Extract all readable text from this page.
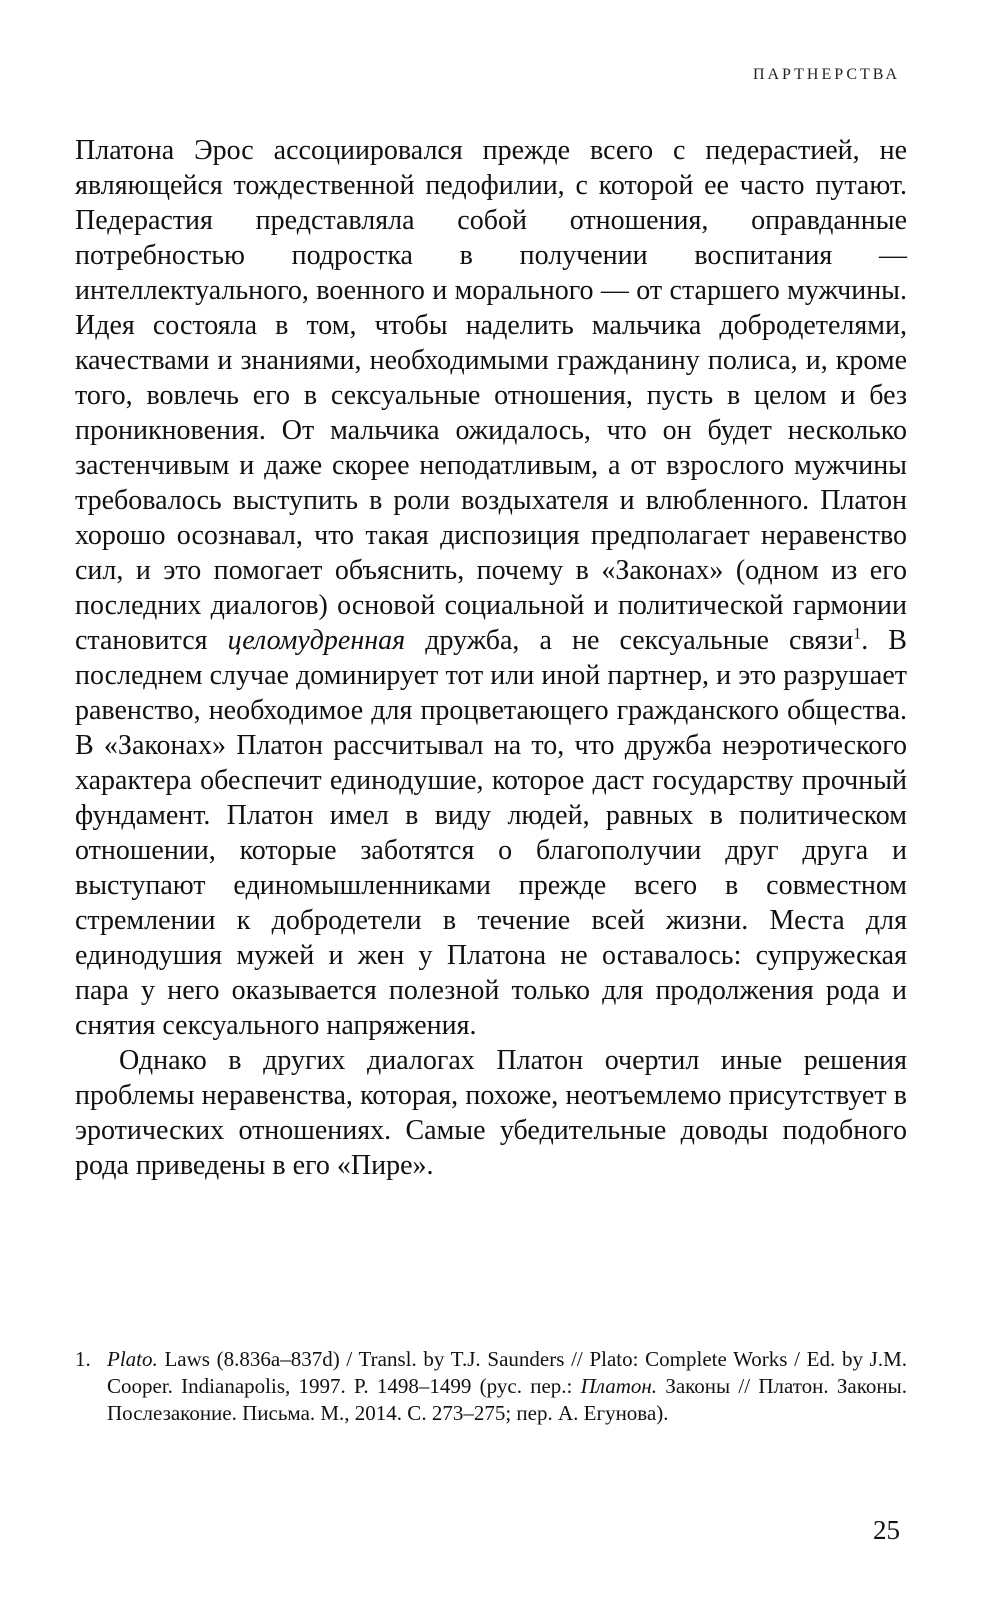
ПАРТНЕРСТВА

Платона Эрос ассоциировался прежде всего с педерастией, не являющейся тождественной педофилии, с которой ее часто путают. Педерастия представляла собой отношения, оправданные потребностью подростка в получении воспитания — интеллектуального, военного и морального — от старшего мужчины. Идея состояла в том, чтобы наделить мальчика добродетелями, качествами и знаниями, необходимыми гражданину полиса, и, кроме того, вовлечь его в сексуальные отношения, пусть в целом и без проникновения. От мальчика ожидалось, что он будет несколько застенчивым и даже скорее неподатливым, а от взрослого мужчины требовалось выступить в роли воздыхателя и влюбленного. Платон хорошо осознавал, что такая диспозиция предполагает неравенство сил, и это помогает объяснить, почему в «Законах» (одном из его последних диалогов) основой социальной и политической гармонии становится целомудренная дружба, а не сексуальные связи$^1$. В последнем случае доминирует тот или иной партнер, и это разрушает равенство, необходимое для процветающего гражданского общества. В «Законах» Платон рассчитывал на то, что дружба неэротического характера обеспечит единодушие, которое даст государству прочный фундамент. Платон имел в виду людей, равных в политическом отношении, которые заботятся о благополучии друг друга и выступают единомышленниками прежде всего в совместном стремлении к добродетели в течение всей жизни. Места для единодушия мужей и жен у Платона не оставалось: супружеская пара у него оказывается полезной только для продолжения рода и снятия сексуального напряжения.

Однако в других диалогах Платон очертил иные решения проблемы неравенства, которая, похоже, неотъемлемо присутствует в эротических отношениях. Самые убедительные доводы подобного рода приведены в его «Пире».

1. Plato. Laws (8.836a–837d) / Transl. by T.J. Saunders // Plato: Complete Works / Ed. by J.M. Cooper. Indianapolis, 1997. P. 1498–1499 (рус. пер.: Платон. Законы // Платон. Законы. Послезаконие. Письма. М., 2014. С. 273–275; пер. А. Егунова).
25
